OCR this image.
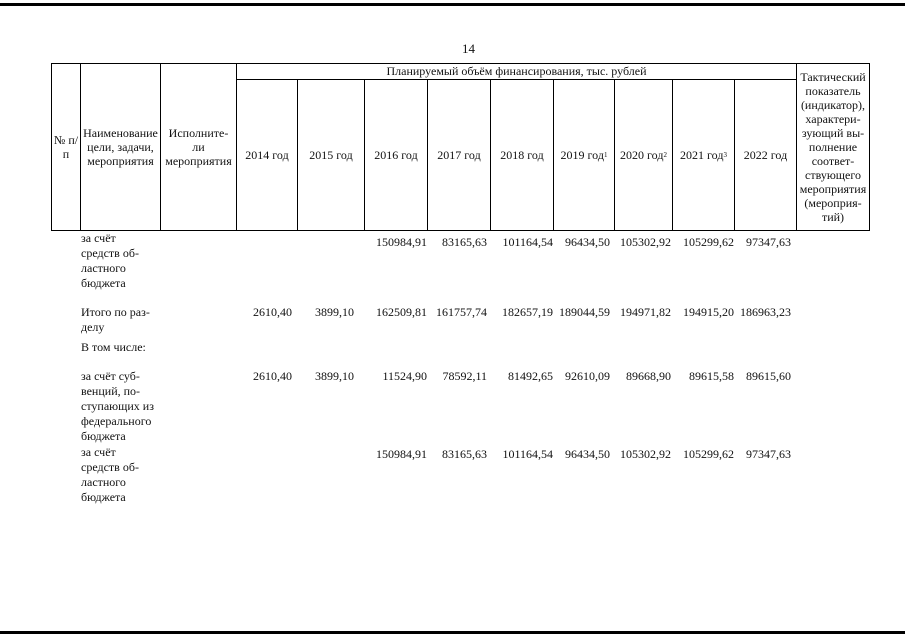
14
№ п/п
Наименование цели, задачи, мероприятия
Исполните- ли мероприятия
Планируемый объём финансирования, тыс. рублей	Тактический показатель (индикатор), характери- зующий вы- полнение соответ- ствующего мероприятия (мероприя- тий)
2014 год 2015 год 2016 год 2017 год 2018 год 2019 год 1 2020 год 2 2021 год 3 2022 год
за счёт средств об- ластного бюджета
150984,91 83165,63 101164,54 96434,50 105302,92 105299,62 97347,63
Итого по раз- делу
2610,40 3899,10 162509,81 161757,74 182657,19 189044,59 194971,82 194915,20 186963,23
В том числе:
за счёт суб- венций, по- ступающих из федерального бюджета
2610,40 3899,10 11524,90 78592,11 81492,65 92610,09 89668,90 89615,58 89615,60
за счёт средств об- ластного бюджета
150984,91 83165,63 101164,54 96434,50 105302,92 105299,62 97347,63
